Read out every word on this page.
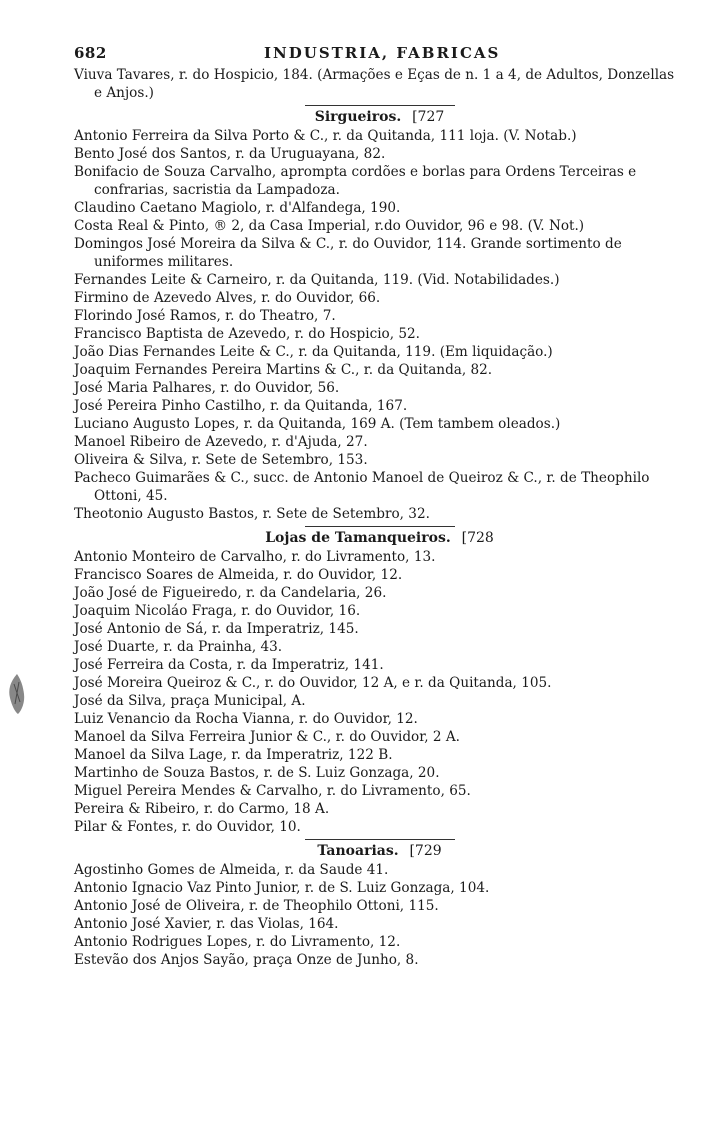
682	INDUSTRIA, FABRICAS
Viuva Tavares, r. do Hospicio, 184. (Armações e Eças de n. 1 a 4, de Adultos, Donzellas e Anjos.)
Sirgueiros. [727
Antonio Ferreira da Silva Porto & C., r. da Quitanda, 111 loja. (V. Notab.)
Bento José dos Santos, r. da Uruguayana, 82.
Bonifacio de Souza Carvalho, apromptа cordões e borlas para Ordens Terceiras e confrarias, sacristia da Lampadoza.
Claudino Caetano Magiolo, r. d'Alfandega, 190.
Costa Real & Pinto, ® 2, da Casa Imperial, r.do Ouvidor, 96 e 98. (V. Not.)
Domingos José Moreira da Silva & C., r. do Ouvidor, 114. Grande sortimento de uniformes militares.
Fernandes Leite & Carneiro, r. da Quitanda, 119. (Vid. Notabilidades.)
Firmino de Azevedo Alves, r. do Ouvidor, 66.
Florindo José Ramos, r. do Theatro, 7.
Francisco Baptista de Azevedo, r. do Hospicio, 52.
João Dias Fernandes Leite & C., r. da Quitanda, 119. (Em liquidação.)
Joaquim Fernandes Pereira Martins & C., r. da Quitanda, 82.
José Maria Palhares, r. do Ouvidor, 56.
José Pereira Pinho Castilho, r. da Quitanda, 167.
Luciano Augusto Lopes, r. da Quitanda, 169 A. (Tem tambem oleados.)
Manoel Ribeiro de Azevedo, r. d'Ajuda, 27.
Oliveira & Silva, r. Sete de Setembro, 153.
Pacheco Guimarães & C., succ. de Antonio Manoel de Queiroz & C., r. de Theophilo Ottoni, 45.
Theotonio Augusto Bastos, r. Sete de Setembro, 32.
Lojas de Tamanqueiros. [728
Antonio Monteiro de Carvalho, r. do Livramento, 13.
Francisco Soares de Almeida, r. do Ouvidor, 12.
João José de Figueiredo, r. da Candelaria, 26.
Joaquim Nicoláo Fraga, r. do Ouvidor, 16.
José Antonio de Sá, r. da Imperatriz, 145.
José Duarte, r. da Prainha, 43.
José Ferreira da Costa, r. da Imperatriz, 141.
José Moreira Queiroz & C., r. do Ouvidor, 12 A, e r. da Quitanda, 105.
José da Silva, praça Municipal, A.
Luiz Venancio da Rocha Vianna, r. do Ouvidor, 12.
Manoel da Silva Ferreira Junior & C., r. do Ouvidor, 2 A.
Manoel da Silva Lage, r. da Imperatriz, 122 B.
Martinho de Souza Bastos, r. de S. Luiz Gonzaga, 20.
Miguel Pereira Mendes & Carvalho, r. do Livramento, 65.
Pereira & Ribeiro, r. do Carmo, 18 A.
Pilar & Fontes, r. do Ouvidor, 10.
Tanoarias. [729
Agostinho Gomes de Almeida, r. da Saude 41.
Antonio Ignacio Vaz Pinto Junior, r. de S. Luiz Gonzaga, 104.
Antonio José de Oliveira, r. de Theophilo Ottoni, 115.
Antonio José Xavier, r. das Violas, 164.
Antonio Rodrigues Lopes, r. do Livramento, 12.
Estevão dos Anjos Sayão, praça Onze de Junho, 8.
